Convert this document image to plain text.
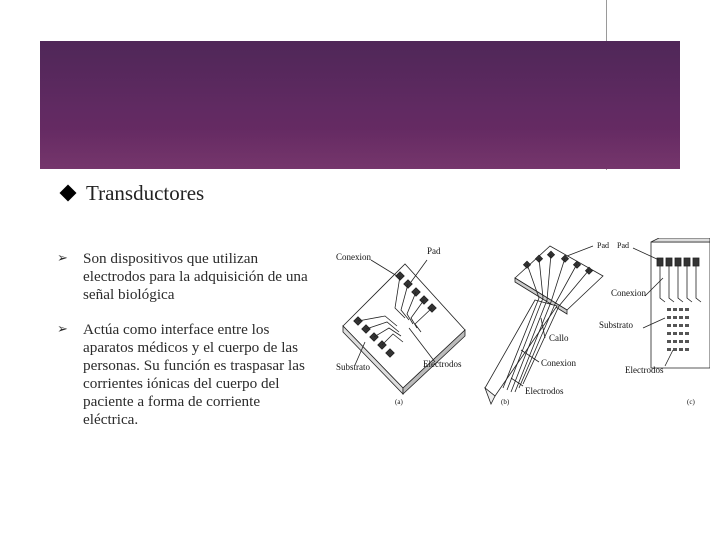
Transductores
➢ Son dispositivos que utilizan electrodos para la adquisición de una señal biológica
➢ Actúa como interface entre los aparatos médicos y el cuerpo de las personas. Su función es traspasar las corrientes iónicas del cuerpo del paciente a forma de corriente eléctrica.
Conexion
Pad
Substrato	Electrodos
(a)
Pad
Callo
Conexion
Electrodos
(b)
Pad
Conexion
Substrato
Electrodos
(c)
